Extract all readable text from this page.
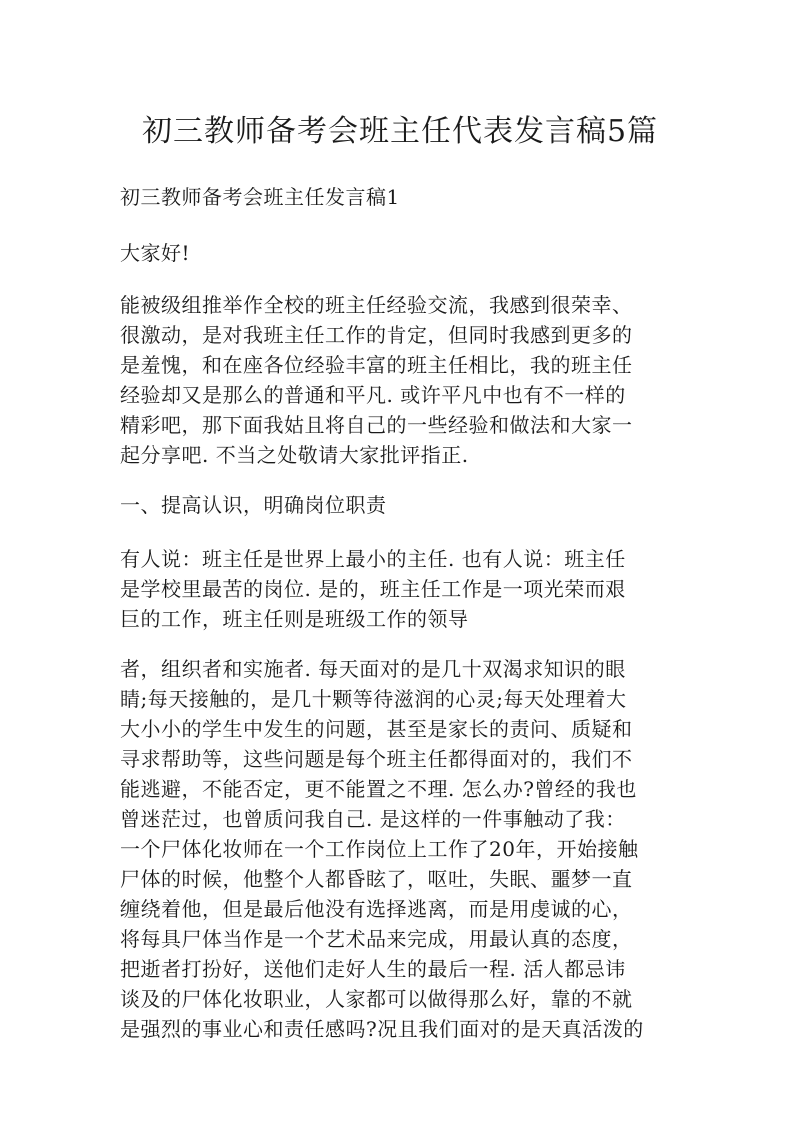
初三教师备考会班主任代表发言稿5篇

初三教师备考会班主任发言稿1

大家好!

能被级组推举作全校的班主任经验交流，我感到很荣幸、
很激动，是对我班主任工作的肯定，但同时我感到更多的
是羞愧，和在座各位经验丰富的班主任相比，我的班主任
经验却又是那么的普通和平凡. 或许平凡中也有不一样的
精彩吧，那下面我姑且将自己的一些经验和做法和大家一
起分享吧. 不当之处敬请大家批评指正.

一、提高认识，明确岗位职责

有人说：班主任是世界上最小的主任. 也有人说：班主任
是学校里最苦的岗位. 是的，班主任工作是一项光荣而艰
巨的工作，班主任则是班级工作的领导

者，组织者和实施者. 每天面对的是几十双渴求知识的眼
睛;每天接触的，是几十颗等待滋润的心灵;每天处理着大
大小小的学生中发生的问题，甚至是家长的责问、质疑和
寻求帮助等，这些问题是每个班主任都得面对的，我们不
能逃避，不能否定，更不能置之不理. 怎么办?曾经的我也
曾迷茫过，也曾质问我自己. 是这样的一件事触动了我：
一个尸体化妆师在一个工作岗位上工作了20年，开始接触
尸体的时候，他整个人都昏眩了，呕吐，失眠、噩梦一直
缠绕着他，但是最后他没有选择逃离，而是用虔诚的心，
将每具尸体当作是一个艺术品来完成，用最认真的态度，
把逝者打扮好，送他们走好人生的最后一程. 活人都忌讳
谈及的尸体化妆职业，人家都可以做得那么好，靠的不就
是强烈的事业心和责任感吗?况且我们面对的是天真活泼的
